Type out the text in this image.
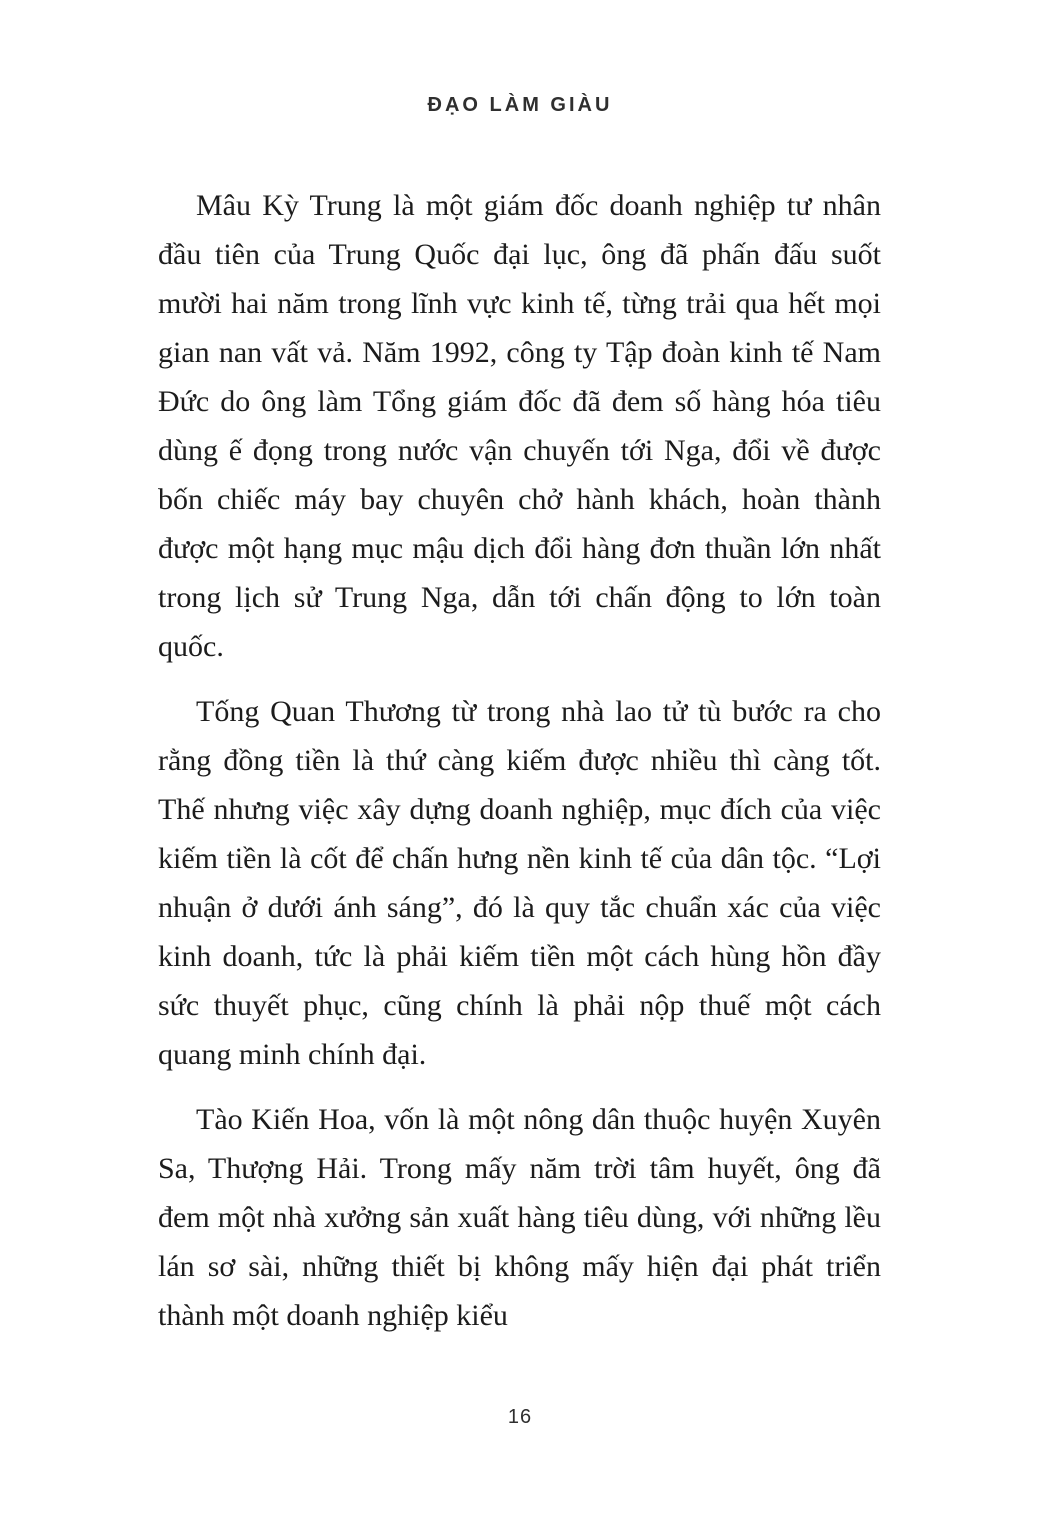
ĐẠO LÀM GIÀU

Mâu Kỳ Trung là một giám đốc doanh nghiệp tư nhân đầu tiên của Trung Quốc đại lục, ông đã phấn đấu suốt mười hai năm trong lĩnh vực kinh tế, từng trải qua hết mọi gian nan vất vả. Năm 1992, công ty Tập đoàn kinh tế Nam Đức do ông làm Tổng giám đốc đã đem số hàng hóa tiêu dùng ế đọng trong nước vận chuyến tới Nga, đổi về được bốn chiếc máy bay chuyên chở hành khách, hoàn thành được một hạng mục mậu dịch đổi hàng đơn thuần lớn nhất trong lịch sử Trung Nga, dẫn tới chấn động to lớn toàn quốc.

Tống Quan Thương từ trong nhà lao tử tù bước ra cho rằng đồng tiền là thứ càng kiếm được nhiều thì càng tốt. Thế nhưng việc xây dựng doanh nghiệp, mục đích của việc kiếm tiền là cốt để chấn hưng nền kinh tế của dân tộc. “Lợi nhuận ở dưới ánh sáng”, đó là quy tắc chuẩn xác của việc kinh doanh, tức là phải kiếm tiền một cách hùng hồn đầy sức thuyết phục, cũng chính là phải nộp thuế một cách quang minh chính đại.

Tào Kiến Hoa, vốn là một nông dân thuộc huyện Xuyên Sa, Thượng Hải. Trong mấy năm trời tâm huyết, ông đã đem một nhà xưởng sản xuất hàng tiêu dùng, với những lều lán sơ sài, những thiết bị không mấy hiện đại phát triển thành một doanh nghiệp kiểu

16
